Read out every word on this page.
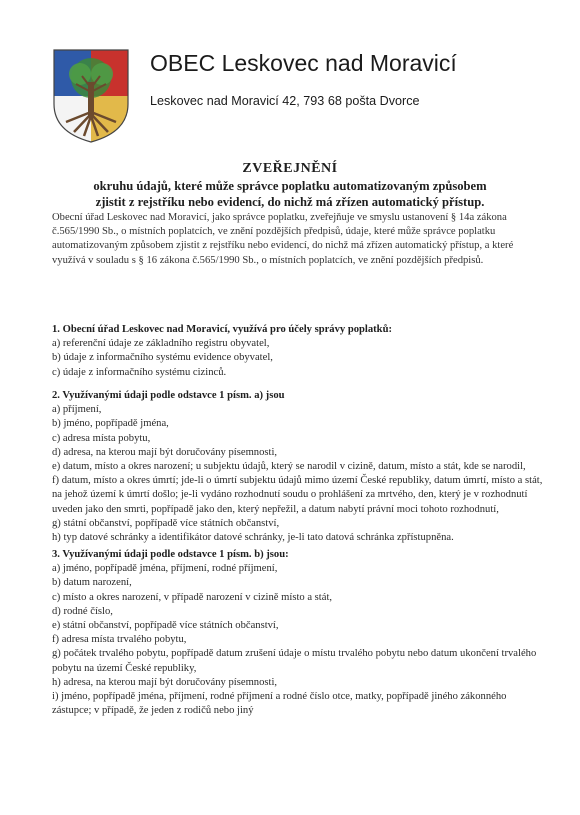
OBEC Leskovec nad Moravicí
Leskovec nad Moravicí 42, 793 68 pošta Dvorce
ZVEŘEJNĚNÍ
okruhu údajů, které může správce poplatku automatizovaným způsobem
zjistit z rejstříku nebo evidencí, do nichž má zřízen automatický přístup.
Obecní úřad Leskovec nad Moravicí, jako správce poplatku, zveřejňuje ve smyslu ustanovení § 14a zákona č.565/1990 Sb., o místních poplatcích, ve znění pozdějších předpisů, údaje, které může správce poplatku automatizovaným způsobem zjistit z rejstříku nebo evidencí, do nichž má zřízen automatický přístup, a které využívá v souladu s § 16 zákona č.565/1990 Sb., o místních poplatcích, ve znění pozdějších předpisů.
1. Obecní úřad Leskovec nad Moravicí, využívá pro účely správy poplatků:
a) referenční údaje ze základního registru obyvatel,
b) údaje z informačního systému evidence obyvatel,
c) údaje z informačního systému cizinců.
2. Využívanými údaji podle odstavce 1 písm. a) jsou
a) příjmení,
b) jméno, popřípadě jména,
c) adresa místa pobytu,
d) adresa, na kterou mají být doručovány písemnosti,
e) datum, místo a okres narození; u subjektu údajů, který se narodil v cizině, datum, místo a stát, kde se narodil,
f) datum, místo a okres úmrtí; jde-li o úmrtí subjektu údajů mimo území České republiky, datum úmrtí, místo a stát, na jehož území k úmrtí došlo; je-li vydáno rozhodnutí soudu o prohlášení za mrtvého, den, který je v rozhodnutí uveden jako den smrti, popřípadě jako den, který nepřežil, a datum nabytí právní moci tohoto rozhodnutí,
g) státní občanství, popřípadě více státních občanství,
h) typ datové schránky a identifikátor datové schránky, je-li tato datová schránka zpřístupněna.
3. Využívanými údaji podle odstavce 1 písm. b) jsou:
a) jméno, popřípadě jména, příjmení, rodné příjmení,
b) datum narození,
c) místo a okres narození, v případě narození v cizině místo a stát,
d) rodné číslo,
e) státní občanství, popřípadě více státních občanství,
f) adresa místa trvalého pobytu,
g) počátek trvalého pobytu, popřípadě datum zrušení údaje o místu trvalého pobytu nebo datum ukončení trvalého pobytu na území České republiky,
h) adresa, na kterou mají být doručovány písemnosti,
i) jméno, popřípadě jména, příjmení, rodné příjmení a rodné číslo otce, matky, popřípadě jiného zákonného zástupce; v případě, že jeden z rodičů nebo jiný
